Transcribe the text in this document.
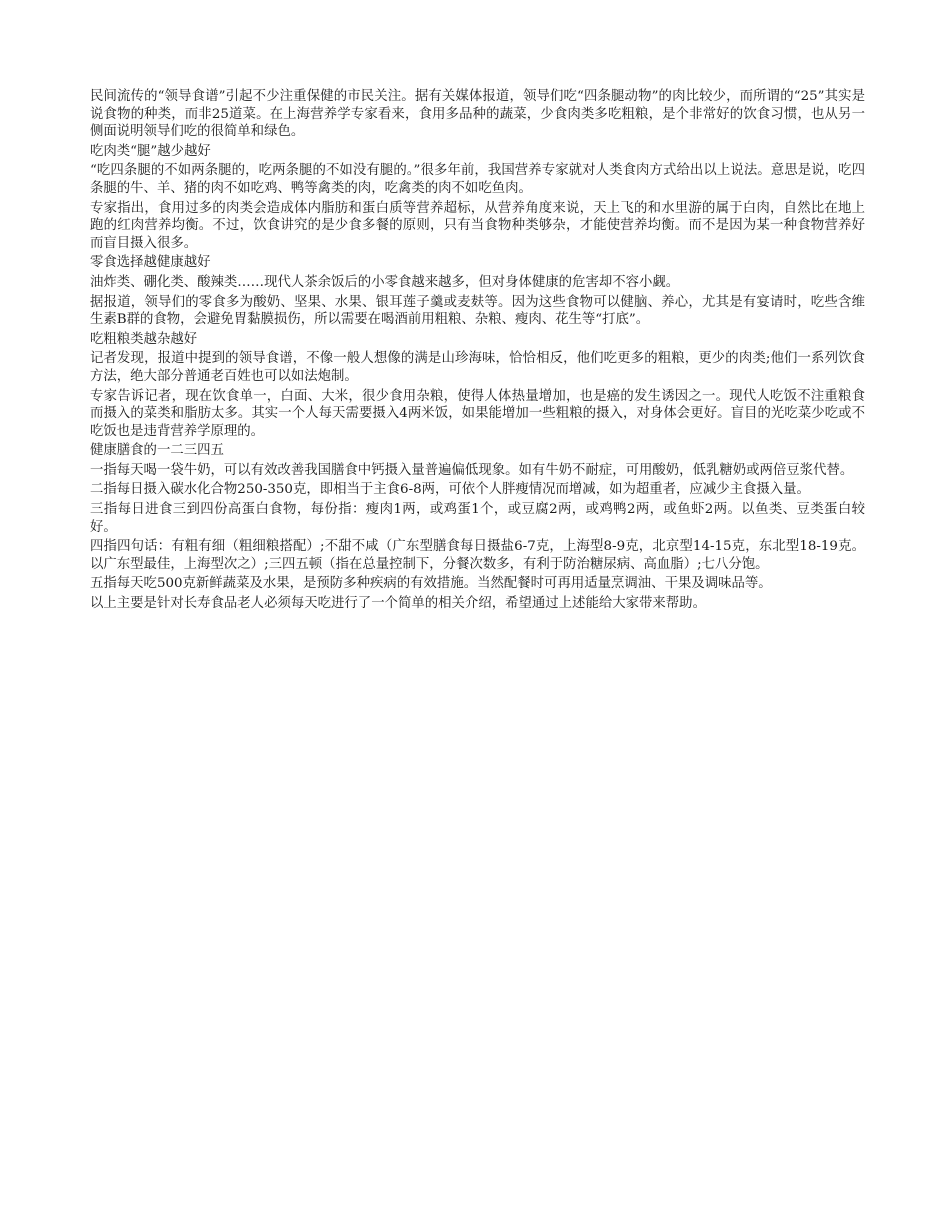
民间流传的“领导食谱”引起不少注重保健的市民关注。据有关媒体报道，领导们吃“四条腿动物”的肉比较少，而所谓的“25”其实是说食物的种类，而非25道菜。在上海营养学专家看来，食用多品种的蔬菜，少食肉类多吃粗粮，是个非常好的饮食习惯，也从另一侧面说明领导们吃的很简单和绿色。

吃肉类“腿”越少越好

“吃四条腿的不如两条腿的，吃两条腿的不如没有腿的。”很多年前，我国营养专家就对人类食肉方式给出以上说法。意思是说，吃四条腿的牛、羊、猪的肉不如吃鸡、鸭等禽类的肉，吃禽类的肉不如吃鱼肉。

专家指出，食用过多的肉类会造成体内脂肪和蛋白质等营养超标，从营养角度来说，天上飞的和水里游的属于白肉，自然比在地上跑的红肉营养均衡。不过，饮食讲究的是少食多餐的原则，只有当食物种类够杂，才能使营养均衡。而不是因为某一种食物营养好而盲目摄入很多。

零食选择越健康越好

油炸类、硼化类、酸辣类……现代人茶余饭后的小零食越来越多，但对身体健康的危害却不容小觑。

据报道，领导们的零食多为酸奶、坚果、水果、银耳莲子羹或麦麸等。因为这些食物可以健脑、养心，尤其是有宴请时，吃些含维生素B群的食物，会避免胃黏膜损伤，所以需要在喝酒前用粗粮、杂粮、瘦肉、花生等“打底”。

吃粗粮类越杂越好

记者发现，报道中提到的领导食谱，不像一般人想像的满是山珍海味，恰恰相反，他们吃更多的粗粮，更少的肉类;他们一系列饮食方法，绝大部分普通老百姓也可以如法炮制。

专家告诉记者，现在饮食单一，白面、大米，很少食用杂粮，使得人体热量增加，也是癌的发生诱因之一。现代人吃饭不注重粮食而摄入的菜类和脂肪太多。其实一个人每天需要摄入4两米饭，如果能增加一些粗粮的摄入，对身体会更好。盲目的光吃菜少吃或不吃饭也是违背营养学原理的。

健康膳食的一二三四五

一指每天喝一袋牛奶，可以有效改善我国膳食中钙摄入量普遍偏低现象。如有牛奶不耐症，可用酸奶，低乳糖奶或两倍豆浆代替。

二指每日摄入碳水化合物250-350克，即相当于主食6-8两，可依个人胖瘦情况而增减，如为超重者，应减少主食摄入量。

三指每日进食三到四份高蛋白食物，每份指：瘦肉1两，或鸡蛋1个，或豆腐2两，或鸡鸭2两，或鱼虾2两。以鱼类、豆类蛋白较好。

四指四句话：有粗有细（粗细粮搭配）;不甜不咸（广东型膳食每日摄盐6-7克，上海型8-9克，北京型14-15克，东北型18-19克。以广东型最佳，上海型次之）;三四五顿（指在总量控制下，分餐次数多，有利于防治糖尿病、高血脂）;七八分饱。

五指每天吃500克新鲜蔬菜及水果，是预防多种疾病的有效措施。当然配餐时可再用适量烹调油、干果及调味品等。

以上主要是针对长寿食品老人必须每天吃进行了一个简单的相关介绍，希望通过上述能给大家带来帮助。
